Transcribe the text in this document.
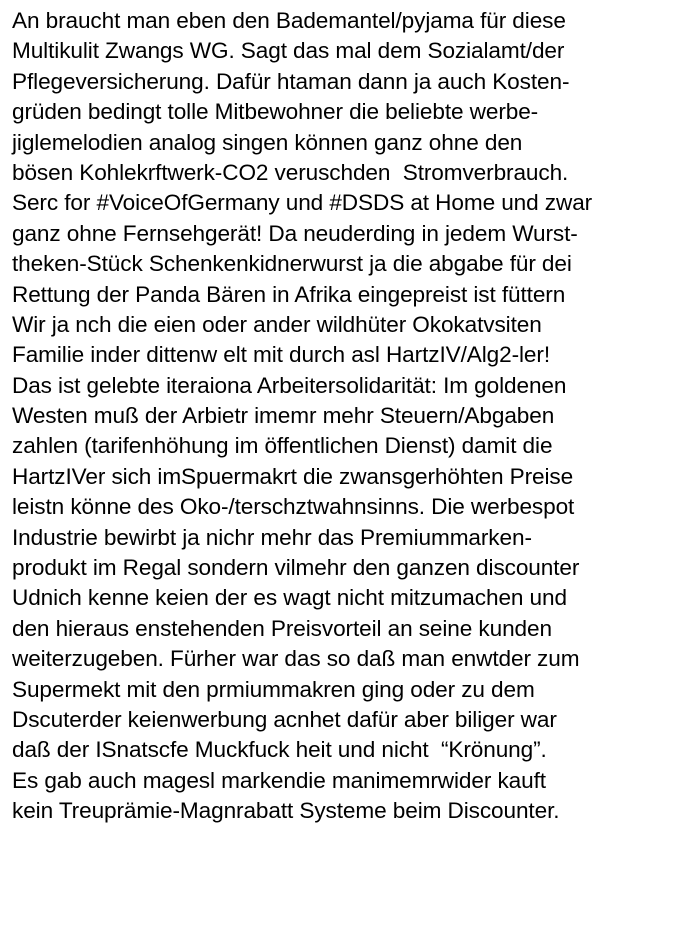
An braucht man eben den Bademantel/pyjama für diese
Multikulit Zwangs WG. Sagt das mal dem Sozialamt/der
Pflegeversicherung. Dafür htaman dann ja auch Kosten-
grüden bedingt tolle Mitbewohner die beliebte werbe-
jiglemelodien analog singen können ganz ohne den
bösen Kohlekrftwerk-CO2 veruschden  Stromverbrauch.
Serc for #VoiceOfGermany und #DSDS at Home und zwar
ganz ohne Fernsehgerät! Da neuderding in jedem Wurst-
theken-Stück Schenkenkidnerwurst ja die abgabe für dei
Rettung der Panda Bären in Afrika eingepreist ist füttern
Wir ja nch die eien oder ander wildhüter Okokatvsiten
Familie inder dittenw elt mit durch asl HartzIV/Alg2-ler!
Das ist gelebte iteraiona Arbeitersolidarität: Im goldenen
Westen muß der Arbietr imemr mehr Steuern/Abgaben
zahlen (tarifenhöhung im öffentlichen Dienst) damit die
HartzIVer sich imSpuermakrt die zwansgerhöhten Preise
leistn könne des Oko-/terschztwahnsinns. Die werbespot
Industrie bewirbt ja nichr mehr das Premiummarken-
produkt im Regal sondern vilmehr den ganzen discounter
Udnich kenne keien der es wagt nicht mitzumachen und
den hieraus enstehenden Preisvorteil an seine kunden
weiterzugeben. Fürher war das so daß man enwtder zum
Supermekt mit den prmiummakren ging oder zu dem
Dscuterder keienwerbung acnhet dafür aber biliger war
daß der ISnatscfe Muckfuck heit und nicht  “Krönung”.
Es gab auch magesl markendie manimemrwider kauft
kein Treuprämie-Magnrabatt Systeme beim Discounter.
